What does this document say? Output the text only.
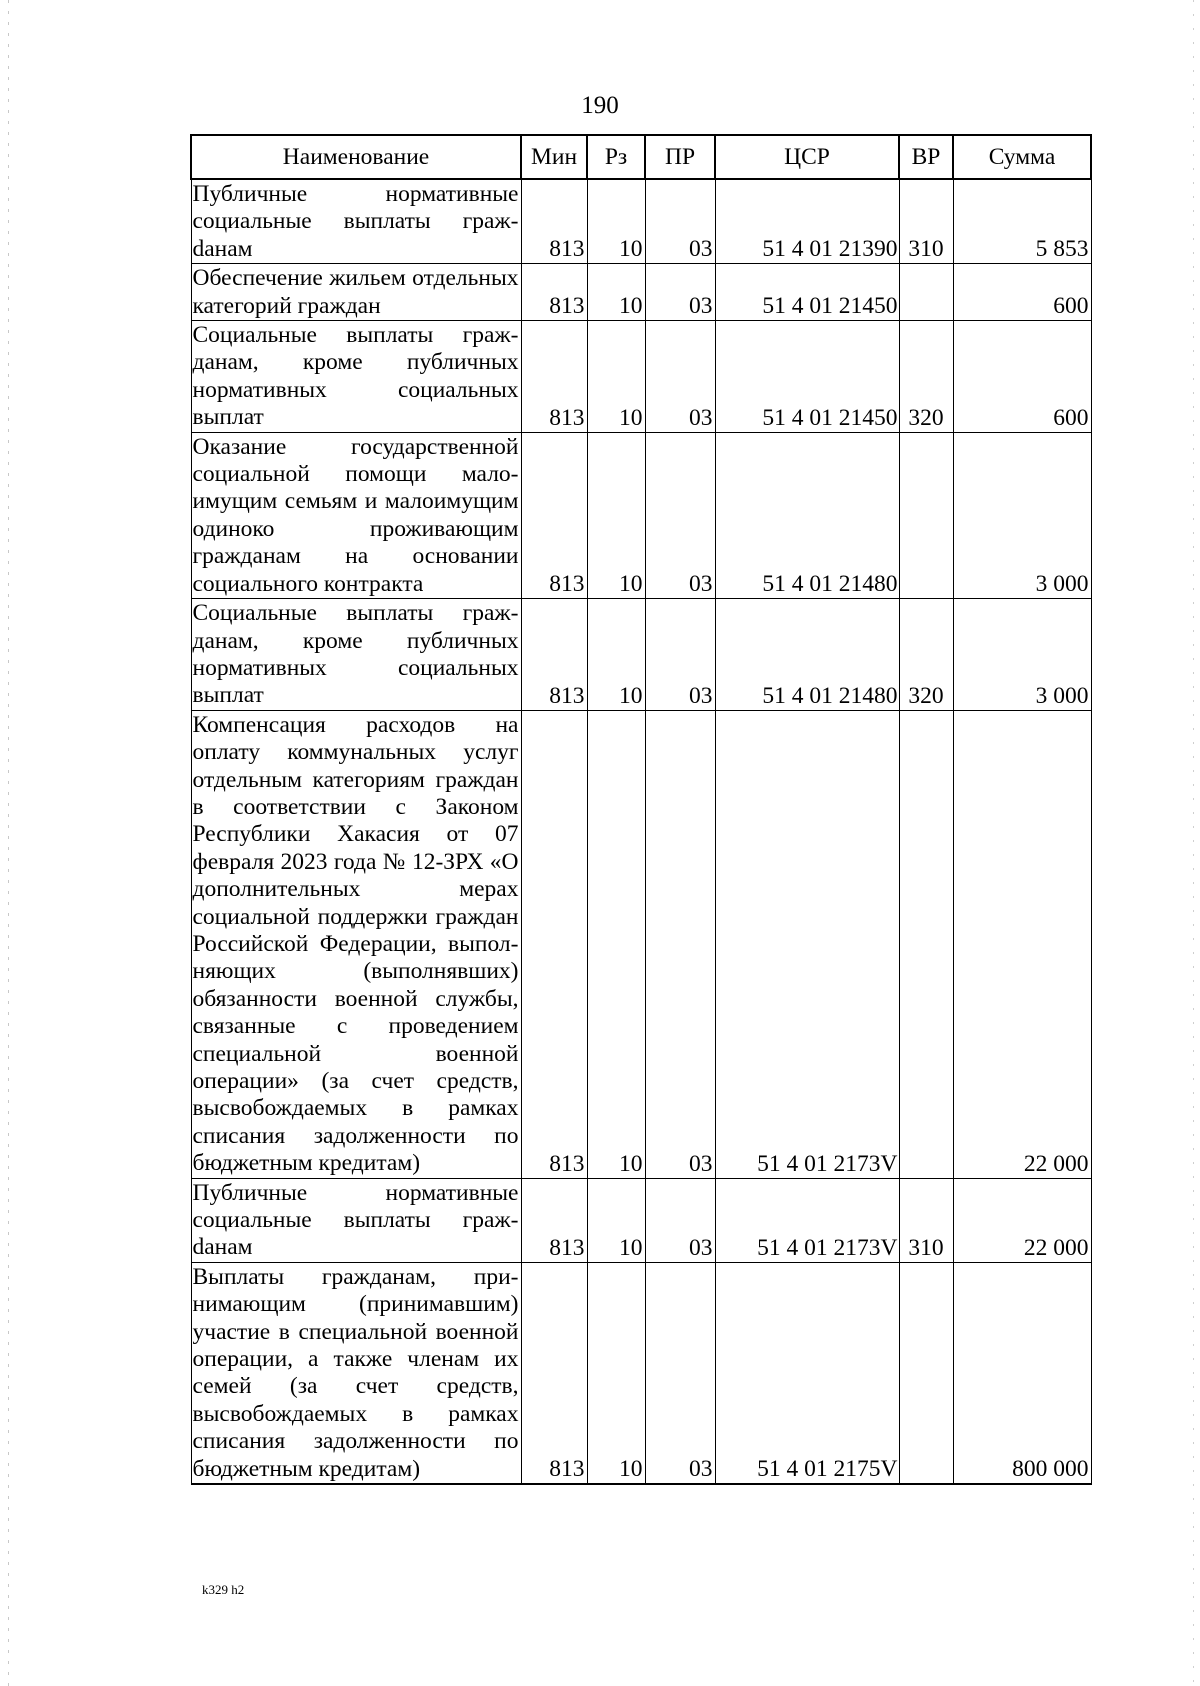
190
Наименование	Мин	Рз	ПР	ЦСР	ВР	Сумма
Публичные нормативные социальные выплаты гражdанам	813	10	03	51 4 01 21390	310	5 853
Обеспечение жильем отдельных категорий граждан	813	10	03	51 4 01 21450		600
Социальные выплаты гражданам, кроме публичных нормативных социальных выплат	813	10	03	51 4 01 21450	320	600
Оказание государственной социальной помощи малоимущим семьям и малоимущим одиноко проживающим гражданам на основании социального контракта	813	10	03	51 4 01 21480		3 000
Социальные выплаты гражданам, кроме публичных нормативных социальных выплат	813	10	03	51 4 01 21480	320	3 000
Компенсация расходов на оплату коммунальных услуг отдельным категориям граждан в соответствии с Законом Республики Хакасия от 07 февраля 2023 года № 12-ЗРХ «О дополнительных мерах социальной поддержки граждан Российской Федерации, выполняющих (выполнявших) обязанности военной службы, связанные с проведением специальной военной операции» (за счет средств, высвобождаемых в рамках списания задолженности по бюджетным кредитам)	813	10	03	51 4 01 2173V		22 000
Публичные нормативные социальные выплаты гражdанам	813	10	03	51 4 01 2173V	310	22 000
Выплаты гражданам, принимающим (принимавшим) участие в специальной военной операции, а также членам их семей (за счет средств, высвобождаемых в рамках списания задолженности по бюджетным кредитам)	813	10	03	51 4 01 2175V		800 000
k329 h2
